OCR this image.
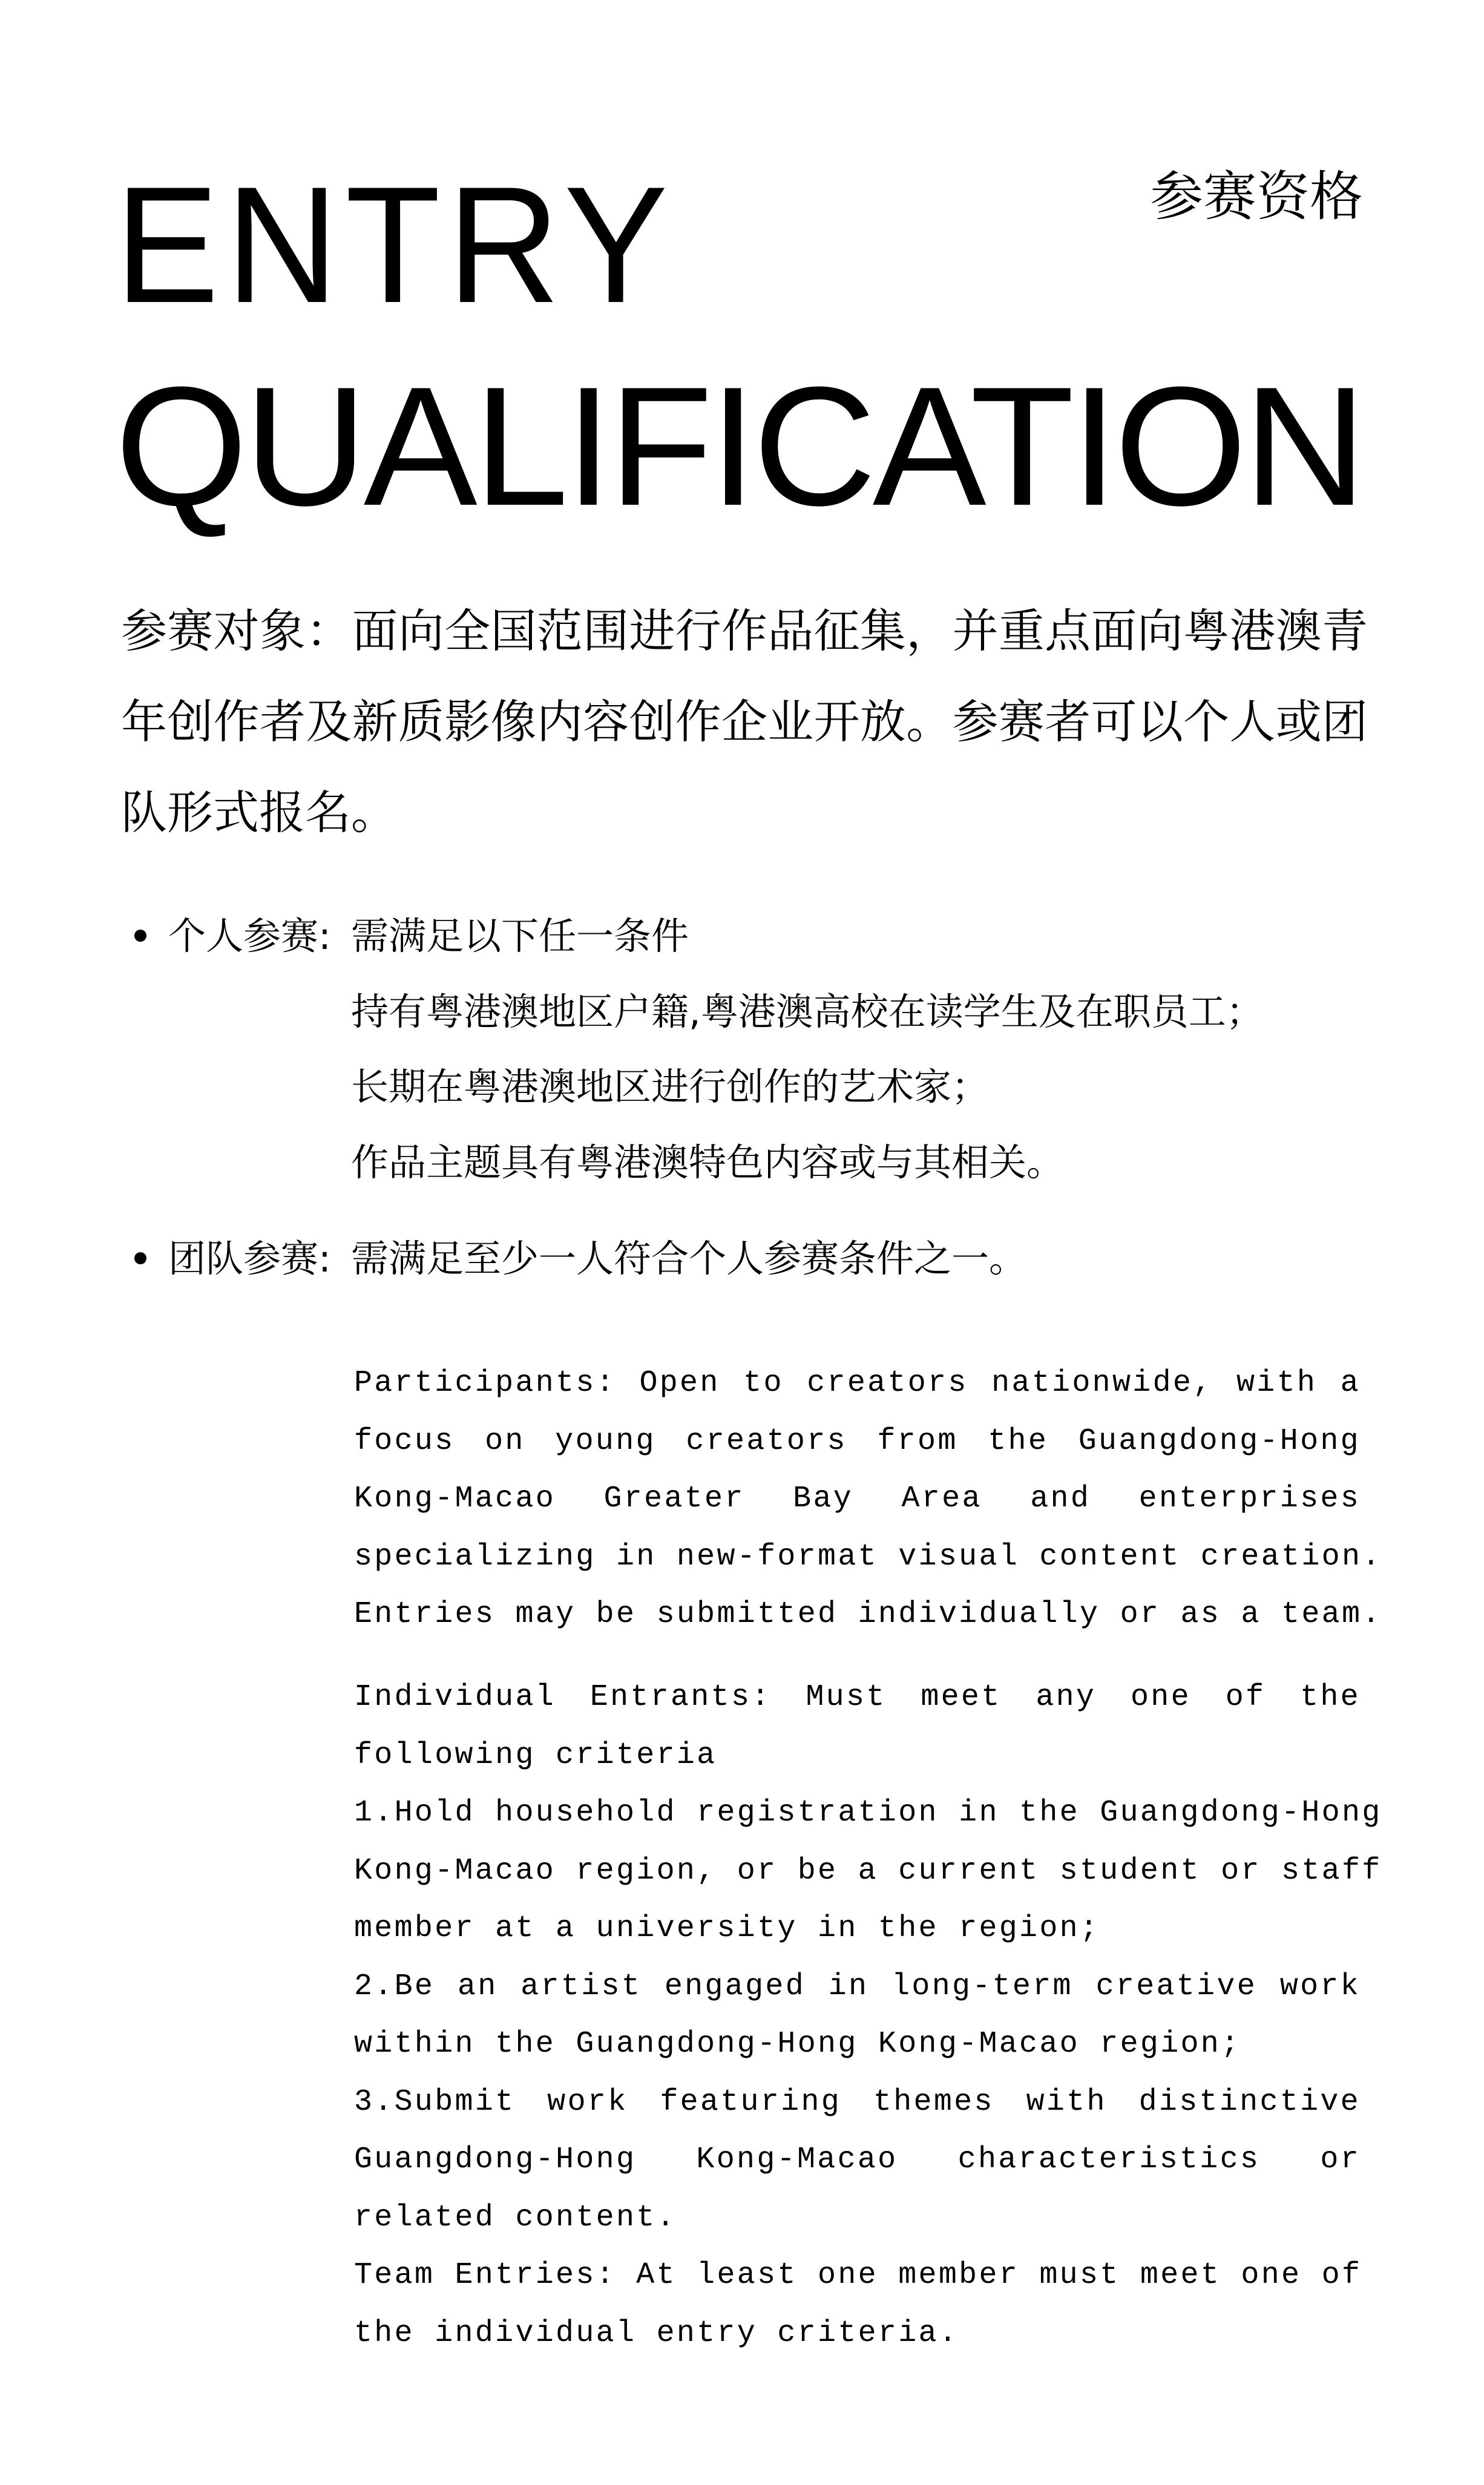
ENTRY
QUALIFICATION
参赛资格

参赛对象：面向全国范围进行作品征集，并重点面向粤港澳青年创作者及新质影像内容创作企业开放。参赛者可以个人或团队形式报名。

个人参赛: 需满足以下任一条件
持有粤港澳地区户籍,粤港澳高校在读学生及在职员工；
长期在粤港澳地区进行创作的艺术家；
作品主题具有粤港澳特色内容或与其相关。
团队参赛: 需满足至少一人符合个人参赛条件之一。
Participants: Open to creators nationwide, with a
focus on young creators from the Guangdong-Hong
Kong-Macao Greater Bay Area and enterprises
specializing in new-format visual content creation.
Entries may be submitted individually or as a team.
Individual Entrants: Must meet any one of the
following criteria
1.Hold household registration in the Guangdong-Hong
Kong-Macao region, or be a current student or staff
member at a university in the region;
2.Be an artist engaged in long-term creative work
within the Guangdong-Hong Kong-Macao region;
3.Submit work featuring themes with distinctive
Guangdong-Hong Kong-Macao characteristics or
related content.
Team Entries: At least one member must meet one of
the individual entry criteria.
